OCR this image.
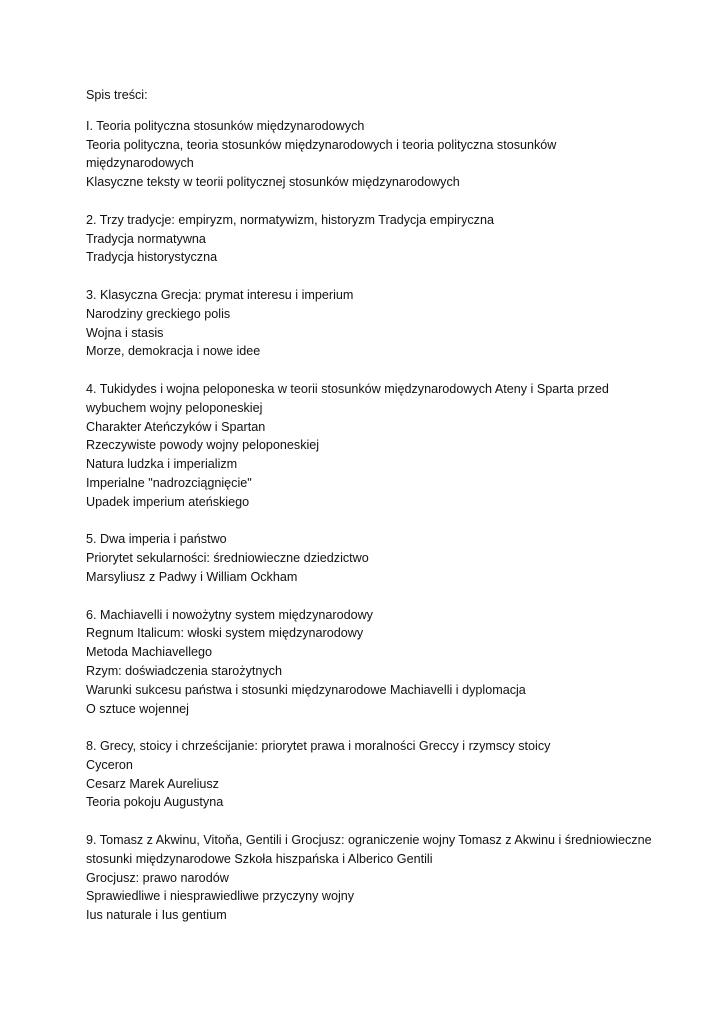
Spis treści:
I. Teoria polityczna stosunków międzynarodowych
Teoria polityczna, teoria stosunków międzynarodowych i teoria polityczna stosunków
międzynarodowych
Klasyczne teksty w teorii politycznej stosunków międzynarodowych
2. Trzy tradycje: empiryzm, normatywizm, historyzm Tradycja empiryczna
Tradycja normatywna
Tradycja historystyczna
3. Klasyczna Grecja: prymat interesu i imperium
Narodziny greckiego polis
Wojna i stasis
Morze, demokracja i nowe idee
4. Tukidydes i wojna peloponeska w teorii stosunków międzynarodowych Ateny i Sparta przed
wybuchem wojny peloponeskiej
Charakter Ateńczyków i Spartan
Rzeczywiste powody wojny peloponeskiej
Natura ludzka i imperializm
Imperialne "nadrozciągnięcie"
Upadek imperium ateńskiego
5. Dwa imperia i państwo
Priorytet sekularności: średniowieczne dziedzictwo
Marsyliusz z Padwy i William Ockham
6. Machiavelli i nowożytny system międzynarodowy
Regnum Italicum: włoski system międzynarodowy
Metoda Machiavellego
Rzym: doświadczenia starożytnych
Warunki sukcesu państwa i stosunki międzynarodowe Machiavelli i dyplomacja
O sztuce wojennej
8. Grecy, stoicy i chrześcijanie: priorytet prawa i moralności Greccy i rzymscy stoicy
Cyceron
Cesarz Marek Aureliusz
Teoria pokoju Augustyna
9. Tomasz z Akwinu, Vitoňa, Gentili i Grocjusz: ograniczenie wojny Tomasz z Akwinu i średniowieczne
stosunki międzynarodowe Szkoła hiszpańska i Alberico Gentili
Grocjusz: prawo narodów
Sprawiedliwe i niesprawiedliwe przyczyny wojny
Ius naturale i Ius gentium
